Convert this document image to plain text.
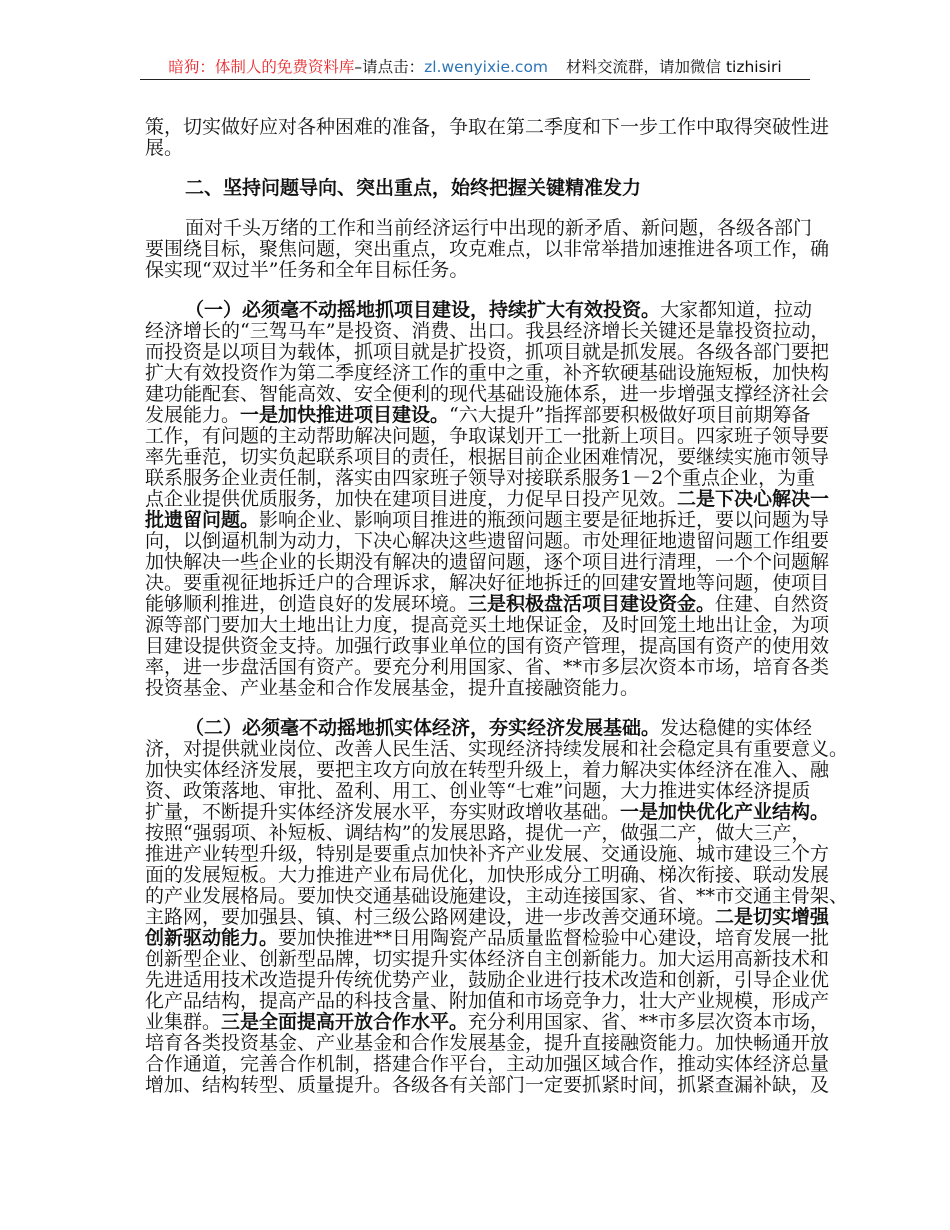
暗狗：体制人的免费资料库–请点击：zl.wenyixie.com 材料交流群，请加微信 tizhisiri
策，切实做好应对各种困难的准备，争取在第二季度和下一步工作中取得突破性进
展。
二、坚持问题导向、突出重点，始终把握关键精准发力
面对千头万绪的工作和当前经济运行中出现的新矛盾、新问题，各级各部门
要围绕目标，聚焦问题，突出重点，攻克难点，以非常举措加速推进各项工作，确
保实现“双过半”任务和全年目标任务。
（一）必须毫不动摇地抓项目建设，持续扩大有效投资。大家都知道，拉动
经济增长的“三驾马车”是投资、消费、出口。我县经济增长关键还是靠投资拉动，
而投资是以项目为载体，抓项目就是扩投资，抓项目就是抓发展。各级各部门要把
扩大有效投资作为第二季度经济工作的重中之重，补齐软硬基础设施短板，加快构
建功能配套、智能高效、安全便利的现代基础设施体系，进一步增强支撑经济社会
发展能力。一是加快推进项目建设。“六大提升”指挥部要积极做好项目前期筹备
工作，有问题的主动帮助解决问题，争取谋划开工一批新上项目。四家班子领导要
率先垂范，切实负起联系项目的责任，根据目前企业困难情况，要继续实施市领导
联系服务企业责任制，落实由四家班子领导对接联系服务1－2个重点企业，为重
点企业提供优质服务，加快在建项目进度，力促早日投产见效。二是下决心解决一
批遗留问题。影响企业、影响项目推进的瓶颈问题主要是征地拆迁，要以问题为导
向，以倒逼机制为动力，下决心解决这些遗留问题。市处理征地遗留问题工作组要
加快解决一些企业的长期没有解决的遗留问题，逐个项目进行清理，一个个问题解
决。要重视征地拆迁户的合理诉求，解决好征地拆迁的回建安置地等问题，使项目
能够顺利推进，创造良好的发展环境。三是积极盘活项目建设资金。住建、自然资
源等部门要加大土地出让力度，提高竞买土地保证金，及时回笼土地出让金，为项
目建设提供资金支持。加强行政事业单位的国有资产管理，提高国有资产的使用效
率，进一步盘活国有资产。要充分利用国家、省、**市多层次资本市场，培育各类
投资基金、产业基金和合作发展基金，提升直接融资能力。
（二）必须毫不动摇地抓实体经济，夯实经济发展基础。发达稳健的实体经
济，对提供就业岗位、改善人民生活、实现经济持续发展和社会稳定具有重要意义。
加快实体经济发展，要把主攻方向放在转型升级上，着力解决实体经济在准入、融
资、政策落地、审批、盈利、用工、创业等“七难”问题，大力推进实体经济提质
扩量，不断提升实体经济发展水平，夯实财政增收基础。一是加快优化产业结构。
按照“强弱项、补短板、调结构”的发展思路，提优一产，做强二产，做大三产，
推进产业转型升级，特别是要重点加快补齐产业发展、交通设施、城市建设三个方
面的发展短板。大力推进产业布局优化，加快形成分工明确、梯次衔接、联动发展
的产业发展格局。要加快交通基础设施建设，主动连接国家、省、**市交通主骨架、
主路网，要加强县、镇、村三级公路网建设，进一步改善交通环境。二是切实增强
创新驱动能力。要加快推进**日用陶瓷产品质量监督检验中心建设，培育发展一批
创新型企业、创新型品牌，切实提升实体经济自主创新能力。加大运用高新技术和
先进适用技术改造提升传统优势产业，鼓励企业进行技术改造和创新，引导企业优
化产品结构，提高产品的科技含量、附加值和市场竞争力，壮大产业规模，形成产
业集群。三是全面提高开放合作水平。充分利用国家、省、**市多层次资本市场，
培育各类投资基金、产业基金和合作发展基金，提升直接融资能力。加快畅通开放
合作通道，完善合作机制，搭建合作平台，主动加强区域合作，推动实体经济总量
增加、结构转型、质量提升。各级各有关部门一定要抓紧时间，抓紧查漏补缺，及
